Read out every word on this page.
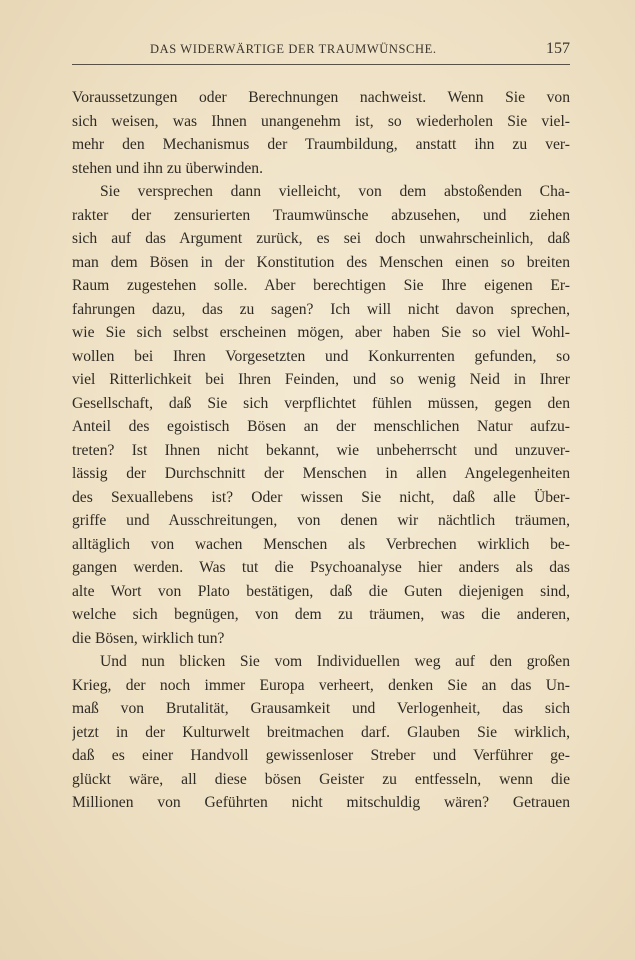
DAS WIDERWÄRTIGE DER TRAUMWÜNSCHE.	157
Voraussetzungen oder Berechnungen nachweist. Wenn Sie von
sich weisen, was Ihnen unangenehm ist, so wiederholen Sie viel-
mehr den Mechanismus der Traumbildung, anstatt ihn zu ver-
stehen und ihn zu überwinden.
Sie versprechen dann vielleicht, von dem abstoßenden Cha-
rakter der zensurierten Traumwünsche abzusehen, und ziehen
sich auf das Argument zurück, es sei doch unwahrscheinlich, daß
man dem Bösen in der Konstitution des Menschen einen so breiten
Raum zugestehen solle. Aber berechtigen Sie Ihre eigenen Er-
fahrungen dazu, das zu sagen? Ich will nicht davon sprechen,
wie Sie sich selbst erscheinen mögen, aber haben Sie so viel Wohl-
wollen bei Ihren Vorgesetzten und Konkurrenten gefunden, so
viel Ritterlichkeit bei Ihren Feinden, und so wenig Neid in Ihrer
Gesellschaft, daß Sie sich verpflichtet fühlen müssen, gegen den
Anteil des egoistisch Bösen an der menschlichen Natur aufzu-
treten? Ist Ihnen nicht bekannt, wie unbeherrscht und unzuver-
lässig der Durchschnitt der Menschen in allen Angelegenheiten
des Sexuallebens ist? Oder wissen Sie nicht, daß alle Über-
griffe und Ausschreitungen, von denen wir nächtlich träumen,
alltäglich von wachen Menschen als Verbrechen wirklich be-
gangen werden. Was tut die Psychoanalyse hier anders als das
alte Wort von Plato bestätigen, daß die Guten diejenigen sind,
welche sich begnügen, von dem zu träumen, was die anderen,
die Bösen, wirklich tun?
Und nun blicken Sie vom Individuellen weg auf den großen
Krieg, der noch immer Europa verheert, denken Sie an das Un-
maß von Brutalität, Grausamkeit und Verlogenheit, das sich
jetzt in der Kulturwelt breitmachen darf. Glauben Sie wirklich,
daß es einer Handvoll gewissenloser Streber und Verführer ge-
glückt wäre, all diese bösen Geister zu entfesseln, wenn die
Millionen von Geführten nicht mitschuldig wären? Getrauen
